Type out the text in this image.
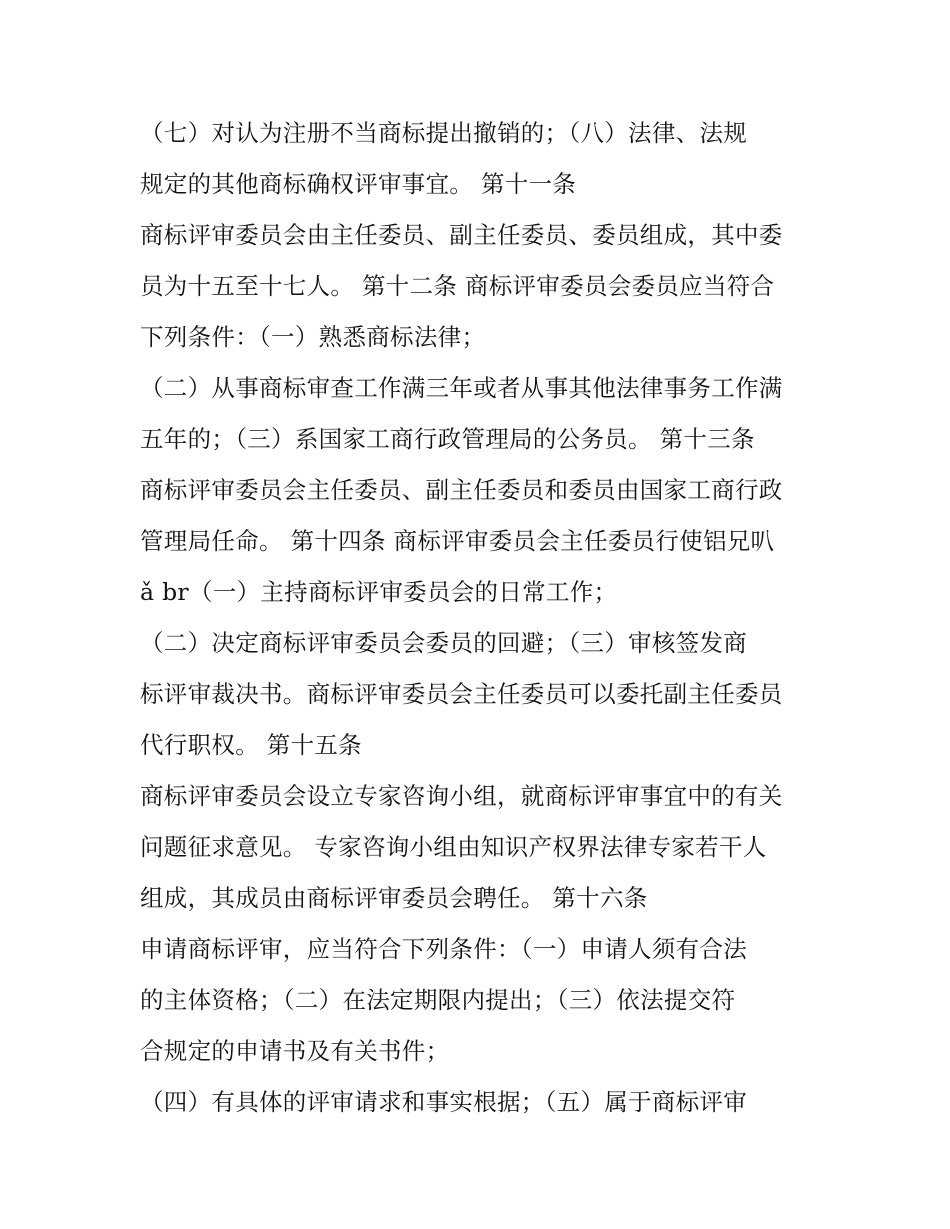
（七）对认为注册不当商标提出撤销的；（八）法律、法规
规定的其他商标确权评审事宜。 第十一条
商标评审委员会由主任委员、副主任委员、委员组成，其中委
员为十五至十七人。 第十二条 商标评审委员会委员应当符合
下列条件：（一）熟悉商标法律；
（二）从事商标审查工作满三年或者从事其他法律事务工作满
五年的；（三）系国家工商行政管理局的公务员。 第十三条
商标评审委员会主任委员、副主任委员和委员由国家工商行政
管理局任命。 第十四条 商标评审委员会主任委员行使铝兄叭
ǎ br（一）主持商标评审委员会的日常工作；
（二）决定商标评审委员会委员的回避；（三）审核签发商
标评审裁决书。商标评审委员会主任委员可以委托副主任委员
代行职权。 第十五条
商标评审委员会设立专家咨询小组，就商标评审事宜中的有关
问题征求意见。 专家咨询小组由知识产权界法律专家若干人
组成，其成员由商标评审委员会聘任。 第十六条
申请商标评审，应当符合下列条件：（一）申请人须有合法
的主体资格；（二）在法定期限内提出；（三）依法提交符
合规定的申请书及有关书件；
（四）有具体的评审请求和事实根据；（五）属于商标评审
